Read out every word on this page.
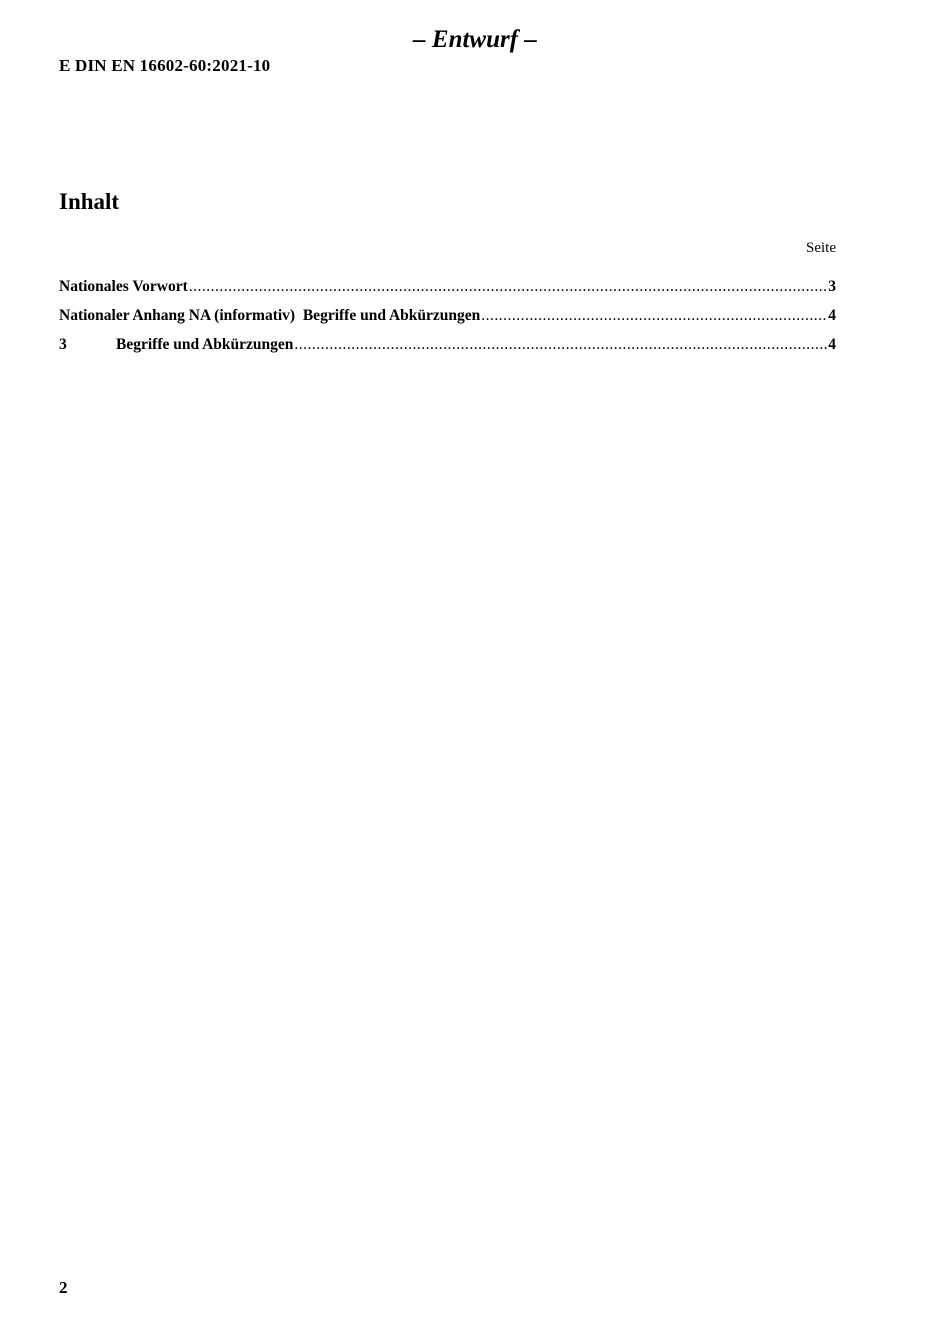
– Entwurf –
E DIN EN 16602-60:2021-10
Inhalt
Seite
Nationales Vorwort .....	3
Nationaler Anhang NA (informativ)  Begriffe und Abkürzungen .....	4
3	Begriffe und Abkürzungen .....	4
2
